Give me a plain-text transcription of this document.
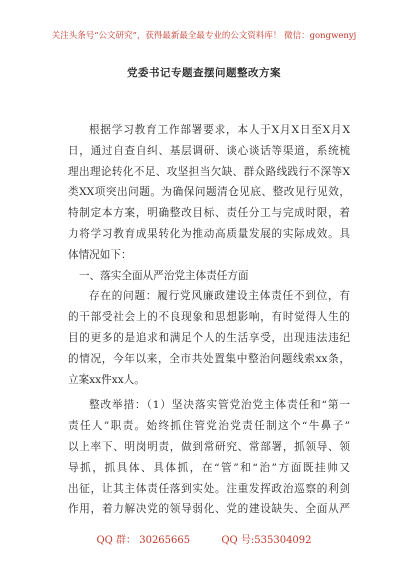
关注头条号“公文研究”，获得最新最全最专业的公文资料库！ 微信：gongwenyj
党委书记专题查摆问题整改方案
根据学习教育工作部署要求，本人于X月X日至X月X
日，通过自查自纠、基层调研、谈心谈话等渠道，系统梳
理出理论转化不足、攻坚担当欠缺、群众路线践行不深等X
类XX项突出问题。为确保问题清仓见底、整改见行见效，
特制定本方案，明确整改目标、责任分工与完成时限，着
力将学习教育成果转化为推动高质量发展的实际成效。具
体情况如下：
一、落实全面从严治党主体责任方面
存在的问题：履行党风廉政建设主体责任不到位，有
的干部受社会上的不良现象和思想影响，有时觉得人生的
目的更多的是追求和满足个人的生活享受，出现违法违纪
的情况，今年以来，全市共处置集中整治问题线索xx条，
立案xx件xx人。
整改举措：（1）坚决落实管党治党主体责任和“第一
责任人”职责。始终抓住管党治党责任制这个“牛鼻子”
以上率下、明岗明责，做到常研究、常部署，抓领导、领
导抓，抓具体、具体抓，在“管”和“治”方面既挂帅又
出征，让其主体责任落到实处。注重发挥政治巡察的利剑
作用，着力解决党的领导弱化、党的建设缺失、全面从严
QQ 群： 30265665	QQ 号:535304092
